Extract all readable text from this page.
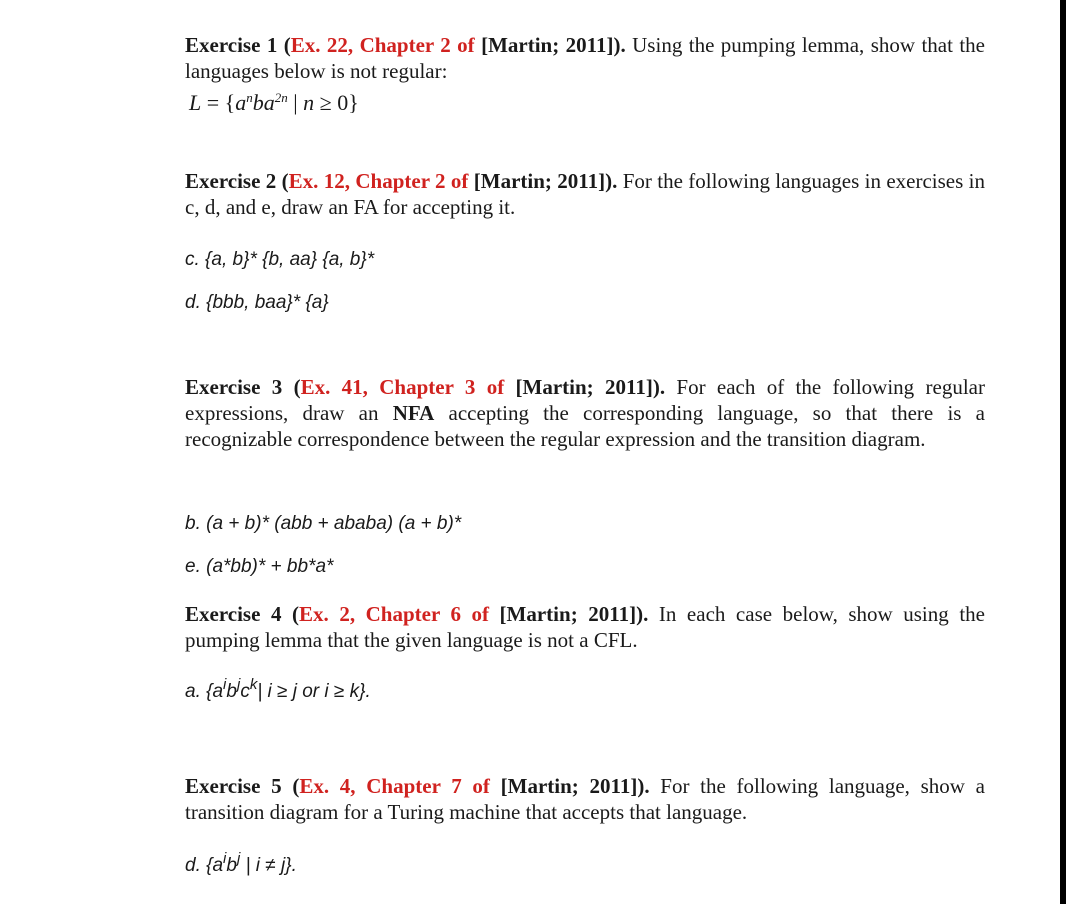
Exercise 1 (Ex. 22, Chapter 2 of [Martin; 2011]). Using the pumping lemma, show that the languages below is not regular:

$L = \{a^nba^{2n}$ | n ≥ 0}

Exercise 2 (Ex. 12, Chapter 2 of [Martin; 2011]). For the following languages in exercises in c, d, and e, draw an FA for accepting it.

c. {a, b}* {b, aa} {a, b}*
d. {bbb, baa}* {a}

Exercise 3 (Ex. 41, Chapter 3 of [Martin; 2011]). For each of the following regular expressions, draw an NFA accepting the corresponding language, so that there is a recognizable correspondence between the regular expression and the transition diagram.

b. (a + b)* (abb + ababa) (a + b)*
e. (a*bb)* + bb*a*

Exercise 4 (Ex. 2, Chapter 6 of [Martin; 2011]). In each case below, show using the pumping lemma that the given language is not a CFL.

a. {$a^ib^jc^k|$ i ≥ j or i ≥ k}.

Exercise 5 (Ex. 4, Chapter 7 of [Martin; 2011]). For the following language, show a transition diagram for a Turing machine that accepts that language.

d. {$a^ib^j$ | i ≠ j}.
